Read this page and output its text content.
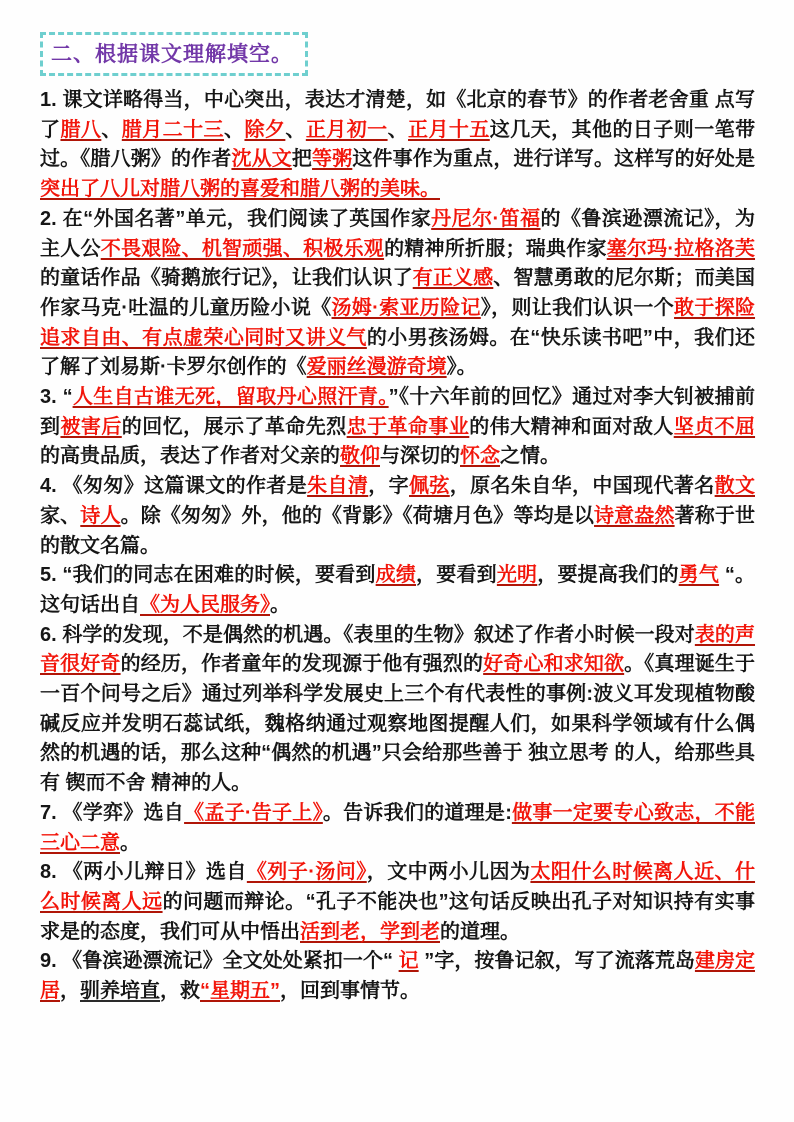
二、根据课文理解填空。

1. 课文详略得当，中心突出，表达才清楚，如《北京的春节》的作者老舍重 点写了腊八、腊月二十三、除夕、正月初一、正月十五这几天，其他的日子则一笔带过。《腊八粥》的作者沈从文把等粥这件事作为重点，进行详写。这样写的好处是突出了八儿对腊八粥的喜爱和腊八粥的美味。

2. 在“外国名著”单元，我们阅读了英国作家丹尼尔·笛福的《鲁滨逊漂流记》，为主人公不畏艰险、机智顽强、积极乐观的精神所折服；瑞典作家塞尔玛·拉格洛芙的童话作品《骑鹅旅行记》，让我们认识了有正义感、智慧勇敢的尼尔斯；而美国作家马克·吐温的儿童历险小说《汤姆·索亚历险记》，则让我们认识一个敢于探险追求自由、有点虚荣心同时又讲义气的小男孩汤姆。在“快乐读书吧”中，我们还了解了刘易斯·卡罗尔创作的《爱丽丝漫游奇境》。

3. “人生自古谁无死，留取丹心照汗青。”《十六年前的回忆》通过对李大钊被捕前到被害后的回忆，展示了革命先烈忠于革命事业的伟大精神和面对敌人坚贞不屈的高贵品质，表达了作者对父亲的敬仰与深切的怀念之情。

4. 《匆匆》这篇课文的作者是朱自清，字佩弦，原名朱自华，中国现代著名散文家、诗人。除《匆匆》外，他的《背影》《荷塘月色》等均是以诗意盎然著称于世的散文名篇。

5. “我们的同志在困难的时候，要看到成绩，要看到光明，要提高我们的勇气 “。这句话出自《为人民服务》。

6. 科学的发现，不是偶然的机遇。《表里的生物》叙述了作者小时候一段对表的声音很好奇的经历，作者童年的发现源于他有强烈的好奇心和求知欲。《真理诞生于一百个问号之后》通过列举科学发展史上三个有代表性的事例:波义耳发现植物酸碱反应并发明石蕊试纸，魏格纳通过观察地图提醒人们，如果科学领域有什么偶然的机遇的话，那么这种“偶然的机遇”只会给那些善于 独立思考 的人，给那些具有 锲而不舍 精神的人。

7. 《学弈》选自《孟子·告子上》。告诉我们的道理是:做事一定要专心致志，不能三心二意。

8. 《两小儿辩日》选自《列子·汤问》，文中两小儿因为太阳什么时候离人近、什么时候离人远的问题而辩论。“孔子不能决也”这句话反映出孔子对知识持有实事求是的态度，我们可从中悟出活到老，学到老的道理。

9. 《鲁滨逊漂流记》全文处处紧扣一个“ 记 ”字，按鲁记叙，写了流落荒岛建房定居，驯养培直，救“星期五”，回到事情节。
